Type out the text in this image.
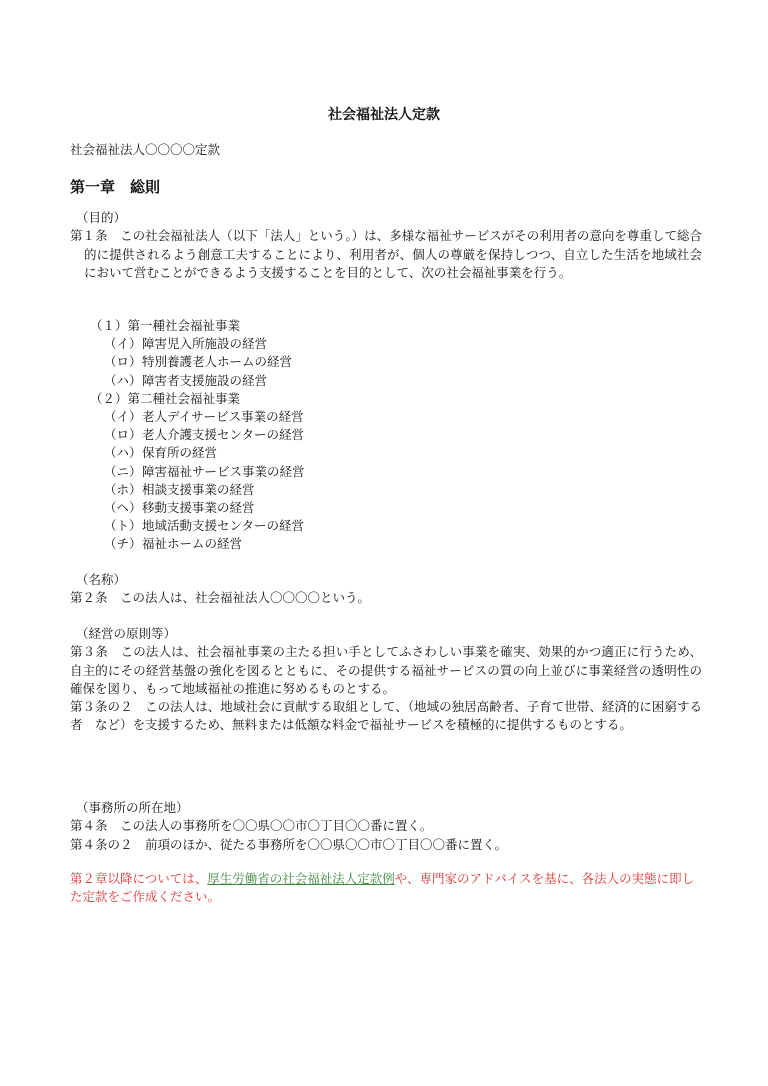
社会福祉法人定款
社会福祉法人〇〇〇〇定款
第一章　総則
（目的）
第１条　この社会福祉法人（以下「法人」という。）は、多様な福祉サービスがその利用者の意向を尊重して総合的に提供されるよう創意工夫することにより、利用者が、個人の尊厳を保持しつつ、自立した生活を地域社会において営むことができるよう支援することを目的として、次の社会福祉事業を行う。
（１）第一種社会福祉事業
（イ）障害児入所施設の経営
（ロ）特別養護老人ホームの経営
（ハ）障害者支援施設の経営
（２）第二種社会福祉事業
（イ）老人デイサービス事業の経営
（ロ）老人介護支援センターの経営
（ハ）保育所の経営
（ニ）障害福祉サービス事業の経営
（ホ）相談支援事業の経営
（ヘ）移動支援事業の経営
（ト）地域活動支援センターの経営
（チ）福祉ホームの経営
（名称）
第２条　この法人は、社会福祉法人〇〇〇〇という。
（経営の原則等）
第３条　この法人は、社会福祉事業の主たる担い手としてふさわしい事業を確実、効果的かつ適正に行うため、自主的にその経営基盤の強化を図るとともに、その提供する福祉サービスの質の向上並びに事業経営の透明性の確保を図り、もって地域福祉の推進に努めるものとする。
第３条の２　この法人は、地域社会に貢献する取組として、（地域の独居高齢者、子育て世帯、経済的に困窮する者　など）を支援するため、無料または低額な料金で福祉サービスを積極的に提供するものとする。
（事務所の所在地）
第４条　この法人の事務所を〇〇県〇〇市〇丁目〇〇番に置く。
第４条の２　前項のほか、従たる事務所を〇〇県〇〇市〇丁目〇〇番に置く。
第２章以降については、厚生労働省の社会福祉法人定款例や、専門家のアドバイスを基に、各法人の実態に即した定款をご作成ください。
